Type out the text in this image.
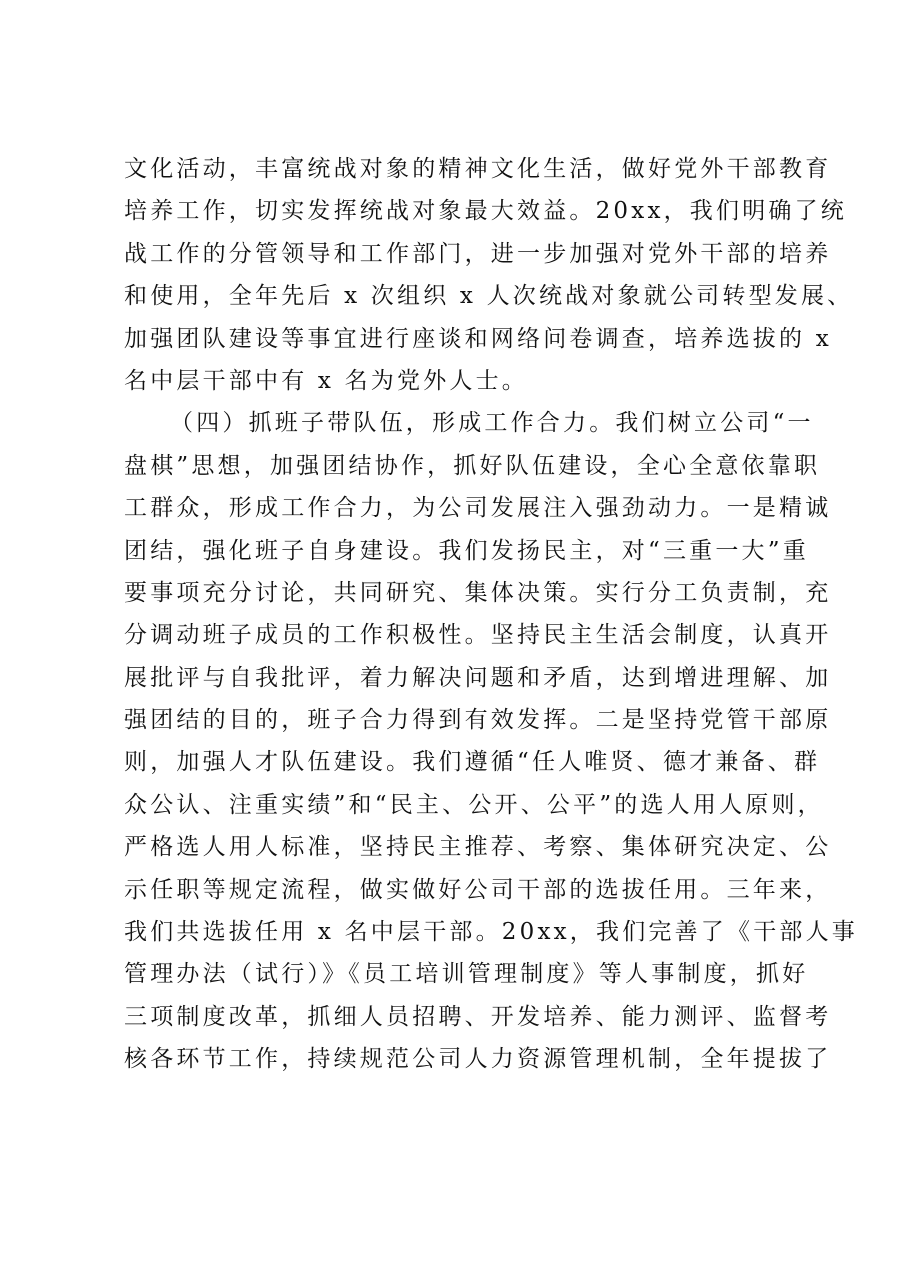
文化活动，丰富统战对象的精神文化生活，做好党外干部教育
培养工作，切实发挥统战对象最大效益。20xx，我们明确了统
战工作的分管领导和工作部门，进一步加强对党外干部的培养
和使用，全年先后 x 次组织 x 人次统战对象就公司转型发展、
加强团队建设等事宜进行座谈和网络问卷调查，培养选拔的 x
名中层干部中有 x 名为党外人士。
（四）抓班子带队伍，形成工作合力。我们树立公司“一
盘棋”思想，加强团结协作，抓好队伍建设，全心全意依靠职
工群众，形成工作合力，为公司发展注入强劲动力。一是精诚
团结，强化班子自身建设。我们发扬民主，对“三重一大”重
要事项充分讨论，共同研究、集体决策。实行分工负责制，充
分调动班子成员的工作积极性。坚持民主生活会制度，认真开
展批评与自我批评，着力解决问题和矛盾，达到增进理解、加
强团结的目的，班子合力得到有效发挥。二是坚持党管干部原
则，加强人才队伍建设。我们遵循“任人唯贤、德才兼备、群
众公认、注重实绩”和“民主、公开、公平”的选人用人原则，
严格选人用人标准，坚持民主推荐、考察、集体研究决定、公
示任职等规定流程，做实做好公司干部的选拔任用。三年来，
我们共选拔任用 x 名中层干部。20xx，我们完善了《干部人事
管理办法（试行）》《员工培训管理制度》等人事制度，抓好
三项制度改革，抓细人员招聘、开发培养、能力测评、监督考
核各环节工作，持续规范公司人力资源管理机制，全年提拔了
